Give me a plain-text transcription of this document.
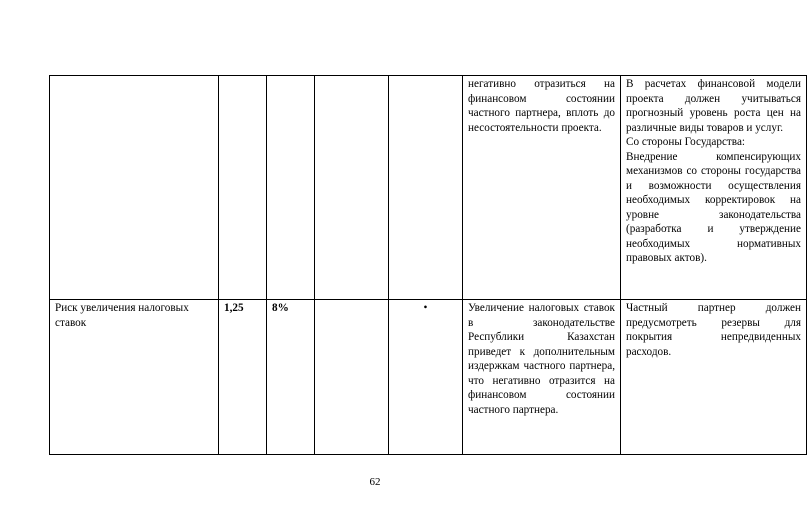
					негативно отразиться на финансовом состоянии частного партнера, вплоть до несостоятельности проекта.	В расчетах финансовой модели проекта должен учитываться прогнозный уровень роста цен на различные виды товаров и услуг.
Со стороны Государства:
Внедрение компенсирующих механизмов со стороны государства и возможности осуществления необходимых корректировок на уровне законодательства (разработка и утверждение необходимых нормативных правовых актов).

Риск увеличения налоговых ставок	1,25	8%		•	Увеличение налоговых ставок в законодательстве Республики Казахстан приведет к дополнительным издержкам частного партнера, что негативно отразится на финансовом состоянии частного партнера.	Частный партнер должен предусмотреть резервы для покрытия непредвиденных расходов.
62
